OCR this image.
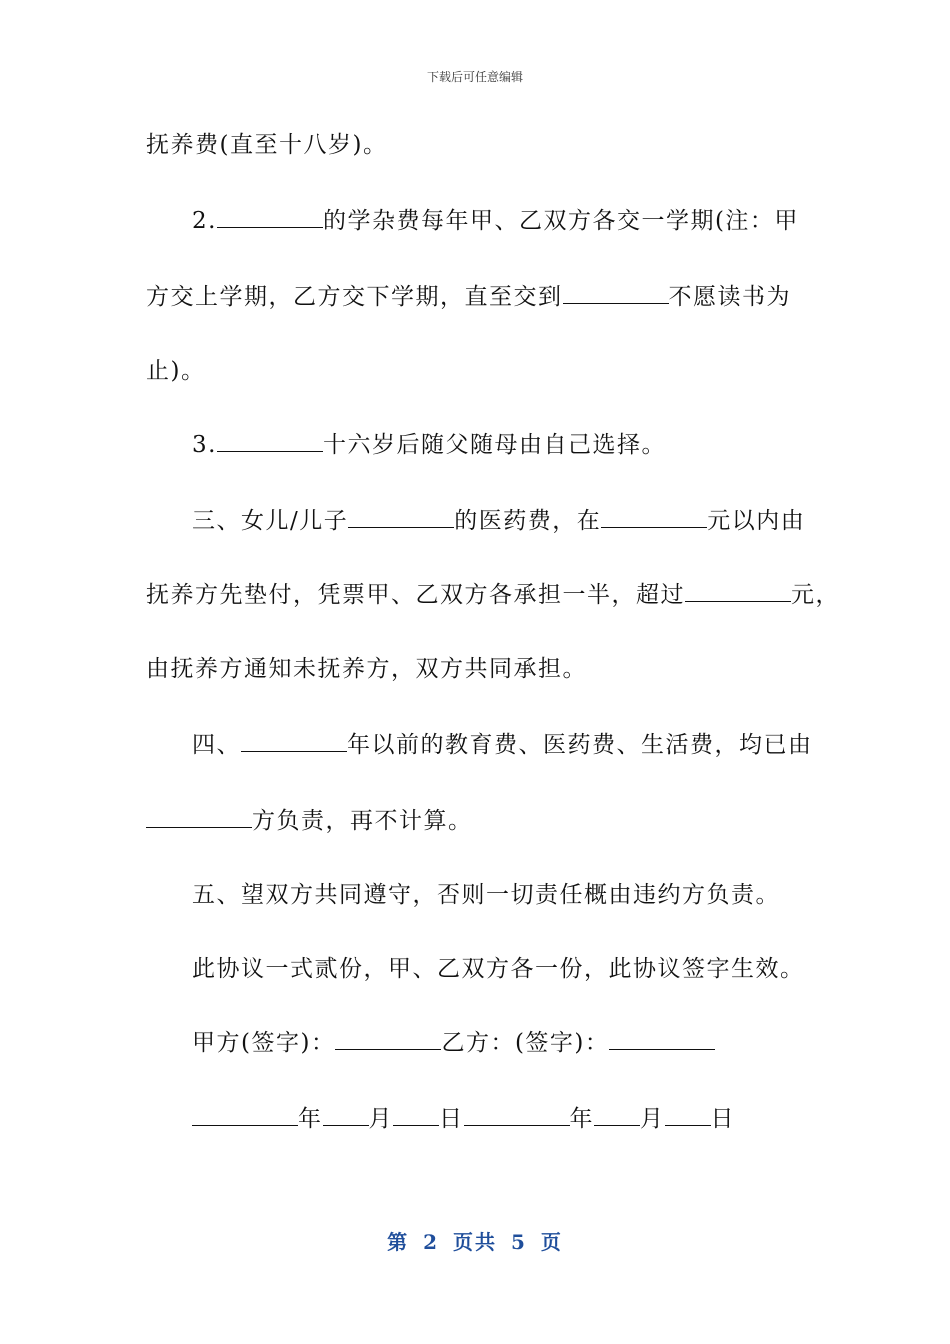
下载后可任意编辑
抚养费(直至十八岁)。
2.	的学杂费每年甲、乙双方各交一学期(注：甲
方交上学期，乙方交下学期，直至交到	不愿读书为
止)。
3.	十六岁后随父随母由自己选择。
三、女儿/儿子	的医药费，在	元以内由
抚养方先垫付，凭票甲、乙双方各承担一半，超过	元，
由抚养方通知未抚养方，双方共同承担。
四、	年以前的教育费、医药费、生活费，均已由
方负责，再不计算。
五、望双方共同遵守，否则一切责任概由违约方负责。
此协议一式贰份，甲、乙双方各一份，此协议签字生效。
甲方(签字)：	乙方：(签字)：
年 月 日	年 月 日
第 2 页共 5 页
